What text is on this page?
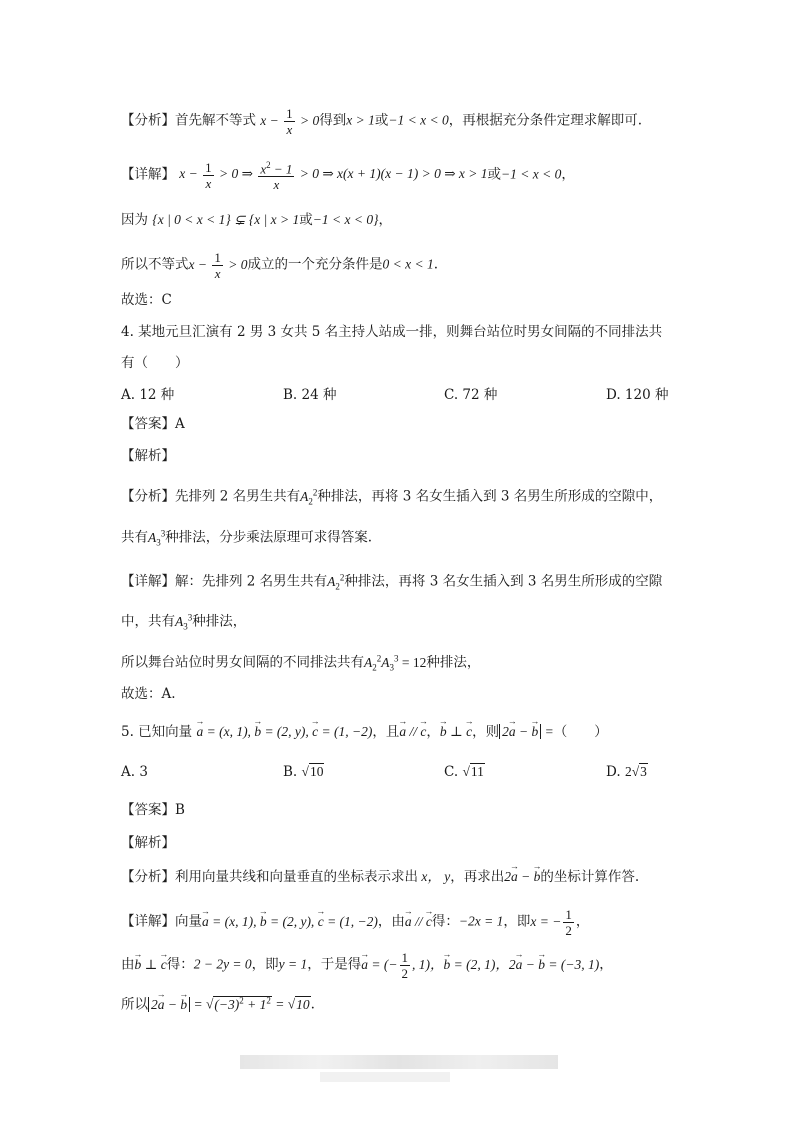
【分析】首先解不等式 $x - \frac{1}{x} > 0$得到x > 1或−1 < x < 0，再根据充分条件定理求解即可.
【详解】 $x - \frac{1}{x} > 0$ ⇒ $\frac{x^2 - 1}{x} > 0$ ⇒ x(x + 1)(x − 1) > 0 ⇒ x > 1或−1 < x < 0，
因为 {x | 0 < x < 1} ⊊ {x | x > 1或−1 < x < 0}，
所以不等式$x - \frac{1}{x} > 0$成立的一个充分条件是0 < x < 1.
故选：C
4. 某地元旦汇演有 2 男 3 女共 5 名主持人站成一排，则舞台站位时男女间隔的不同排法共
有（　　）
A. 12 种	B. 24 种	C. 72 种	D. 120 种
【答案】A
【解析】
【分析】先排列 2 名男生共有$A_2^2$种排法，再将 3 名女生插入到 3 名男生所形成的空隙中，
共有$A_3^3$种排法，分步乘法原理可求得答案.
【详解】解：先排列 2 名男生共有$A_2^2$种排法，再将 3 名女生插入到 3 名男生所形成的空隙
中，共有$A_3^3$种排法，
所以舞台站位时男女间隔的不同排法共有$A_2^2A_3^3 = 12$种排法，
故选：A.
5. 已知向量 → a = (x, 1), → b = (2, y), → c = (1, −2)，且→ a // → c，→ b ⊥ → c，则 2→ a − → b =（　　）
A. 3	B. √10	C. √11	D. 2√3
【答案】B
【解析】
【分析】利用向量共线和向量垂直的坐标表示求出 x， y，再求出2→ a − → b的坐标计算作答.
【详解】向量→ a = (x, 1), → b = (2, y), → c = (1, −2)，由→ a // → c得：−2x = 1，即x = − $\frac{1}{2}$ ，
由→ b ⊥ → c得：2 − 2y = 0，即y = 1，于是得→ a = (− $\frac{1}{2}$ , 1)，→ b = (2, 1)，2→ a − → b = (−3, 1)，
所以 2→ a − → $b = √(-3)^2 + 1^2 = √10$.
